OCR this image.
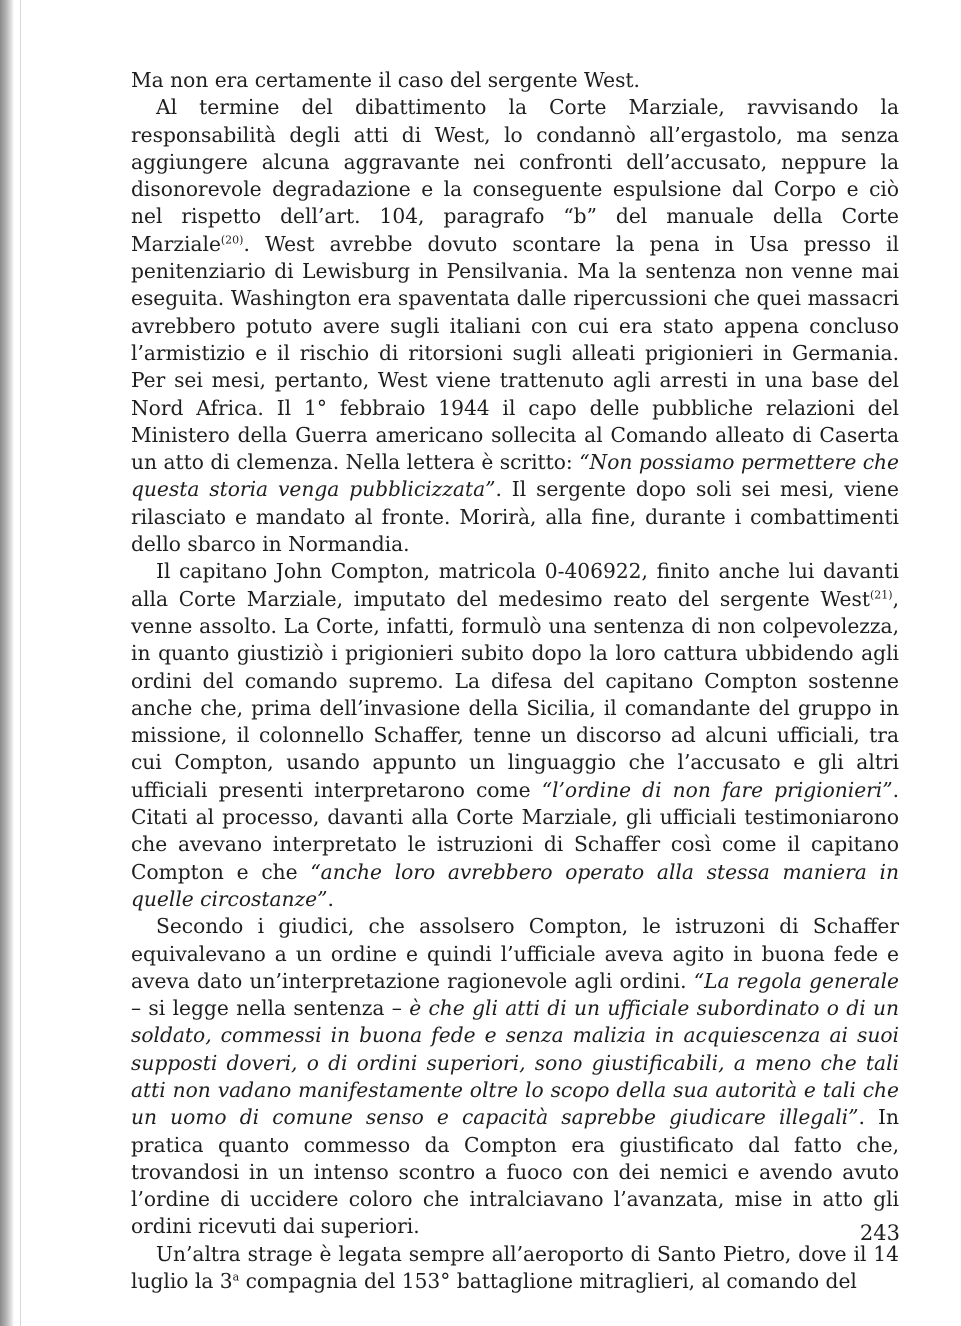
Ma non era certamente il caso del sergente West.

Al termine del dibattimento la Corte Marziale, ravvisando la responsabilità degli atti di West, lo condannò all’ergastolo, ma senza aggiungere alcuna aggravante nei confronti dell’accusato, neppure la disonorevole degradazione e la conseguente espulsione dal Corpo e ciò nel rispetto dell’art. 104, paragrafo “b” del manuale della Corte Marziale$^{(20)}$. West avrebbe dovuto scontare la pena in Usa presso il penitenziario di Lewisburg in Pensilvania. Ma la sentenza non venne mai eseguita. Washington era spaventata dalle ripercussioni che quei massacri avrebbero potuto avere sugli italiani con cui era stato appena concluso l’armistizio e il rischio di ritorsioni sugli alleati prigionieri in Germania. Per sei mesi, pertanto, West viene trattenuto agli arresti in una base del Nord Africa. Il 1° febbraio 1944 il capo delle pubbliche relazioni del Ministero della Guerra americano sollecita al Comando alleato di Caserta un atto di clemenza. Nella lettera è scritto: “Non possiamo permettere che questa storia venga pubblicizzata”. Il sergente dopo soli sei mesi, viene rilasciato e mandato al fronte. Morirà, alla fine, durante i combattimenti dello sbarco in Normandia.

Il capitano John Compton, matricola 0-406922, finito anche lui davanti alla Corte Marziale, imputato del medesimo reato del sergente West$^{(21)}$, venne assolto. La Corte, infatti, formulò una sentenza di non colpevolezza, in quanto giustiziò i prigionieri subito dopo la loro cattura ubbidendo agli ordini del comando supremo. La difesa del capitano Compton sostenne anche che, prima dell’invasione della Sicilia, il comandante del gruppo in missione, il colonnello Schaffer, tenne un discorso ad alcuni ufficiali, tra cui Compton, usando appunto un linguaggio che l’accusato e gli altri ufficiali presenti interpretarono come “l’ordine di non fare prigionieri”. Citati al processo, davanti alla Corte Marziale, gli ufficiali testimoniarono che avevano interpretato le istruzioni di Schaffer così come il capitano Compton e che “anche loro avrebbero operato alla stessa maniera in quelle circostanze”.

Secondo i giudici, che assolsero Compton, le istruzoni di Schaffer equivalevano a un ordine e quindi l’ufficiale aveva agito in buona fede e aveva dato un’interpretazione ragionevole agli ordini. “La regola generale – si legge nella sentenza – è che gli atti di un ufficiale subordinato o di un soldato, commessi in buona fede e senza malizia in acquiescenza ai suoi supposti doveri, o di ordini superiori, sono giustificabili, a meno che tali atti non vadano manifestamente oltre lo scopo della sua autorità e tali che un uomo di comune senso e capacità saprebbe giudicare illegali”. In pratica quanto commesso da Compton era giustificato dal fatto che, trovandosi in un intenso scontro a fuoco con dei nemici e avendo avuto l’ordine di uccidere coloro che intralciavano l’avanzata, mise in atto gli ordini ricevuti dai superiori.

Un’altra strage è legata sempre all’aeroporto di Santo Pietro, dove il 14 luglio la 3$^a$ compagnia del 153° battaglione mitraglieri, al comando del

243
